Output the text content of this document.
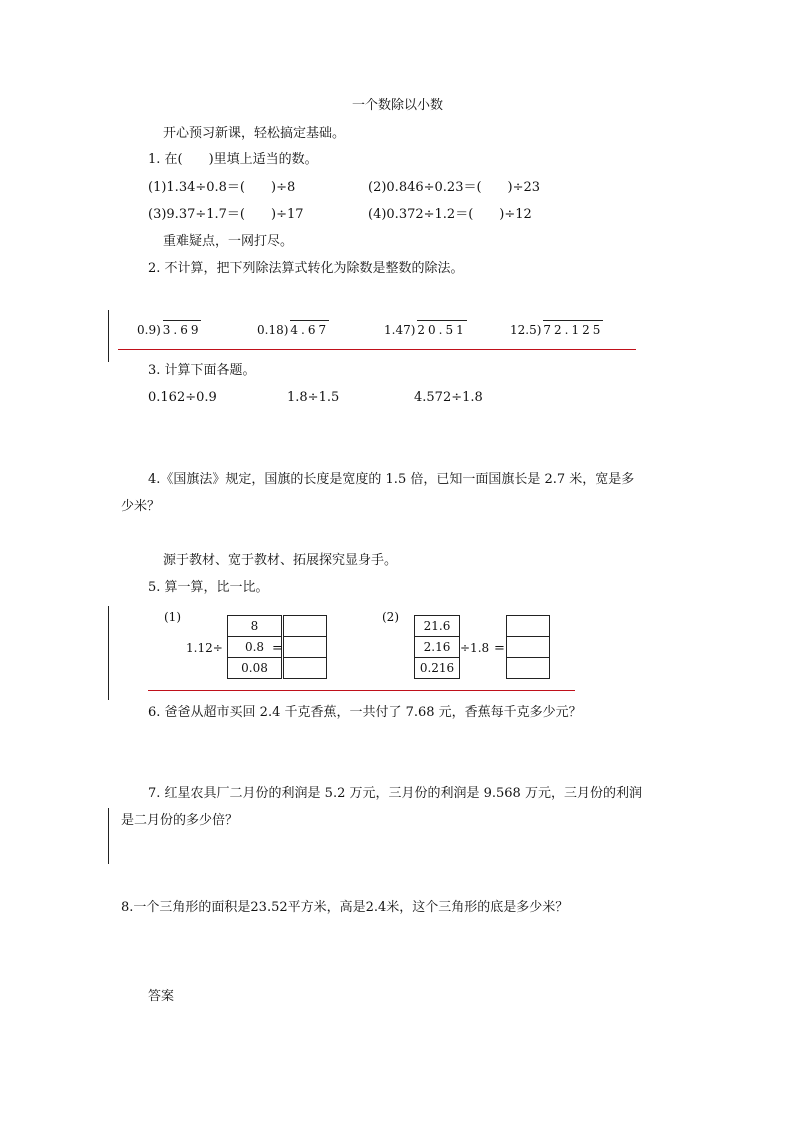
一个数除以小数
开心预习新课，轻松搞定基础。
1. 在(　　)里填上适当的数。
(1)1.34÷0.8＝(　　)÷8	(2)0.846÷0.23＝(　　)÷23
(3)9.37÷1.7＝(　　)÷17	(4)0.372÷1.2＝(　　)÷12
重难疑点，一网打尽。
2. 不计算，把下列除法算式转化为除数是整数的除法。
0.9) 3.69	0.18) 4.67	1.47) 20.51	12.5) 72.125
3. 计算下面各题。
0.162÷0.9	1.8÷1.5	4.572÷1.8
4.《国旗法》规定，国旗的长度是宽度的 1.5 倍，已知一面国旗长是 2.7 米，宽是多
少米？
源于教材、宽于教材、拓展探究显身手。
5. 算一算，比一比。
(1)
1.12÷
8
0.8
0.08
=
(2)
21.6
2.16
0.216
÷1.8 =
6. 爸爸从超市买回 2.4 千克香蕉，一共付了 7.68 元，香蕉每千克多少元？
7. 红星农具厂二月份的利润是 5.2 万元，三月份的利润是 9.568 万元，三月份的利润
是二月份的多少倍？
8.一个三角形的面积是23.52平方米，高是2.4米，这个三角形的底是多少米？
答案
